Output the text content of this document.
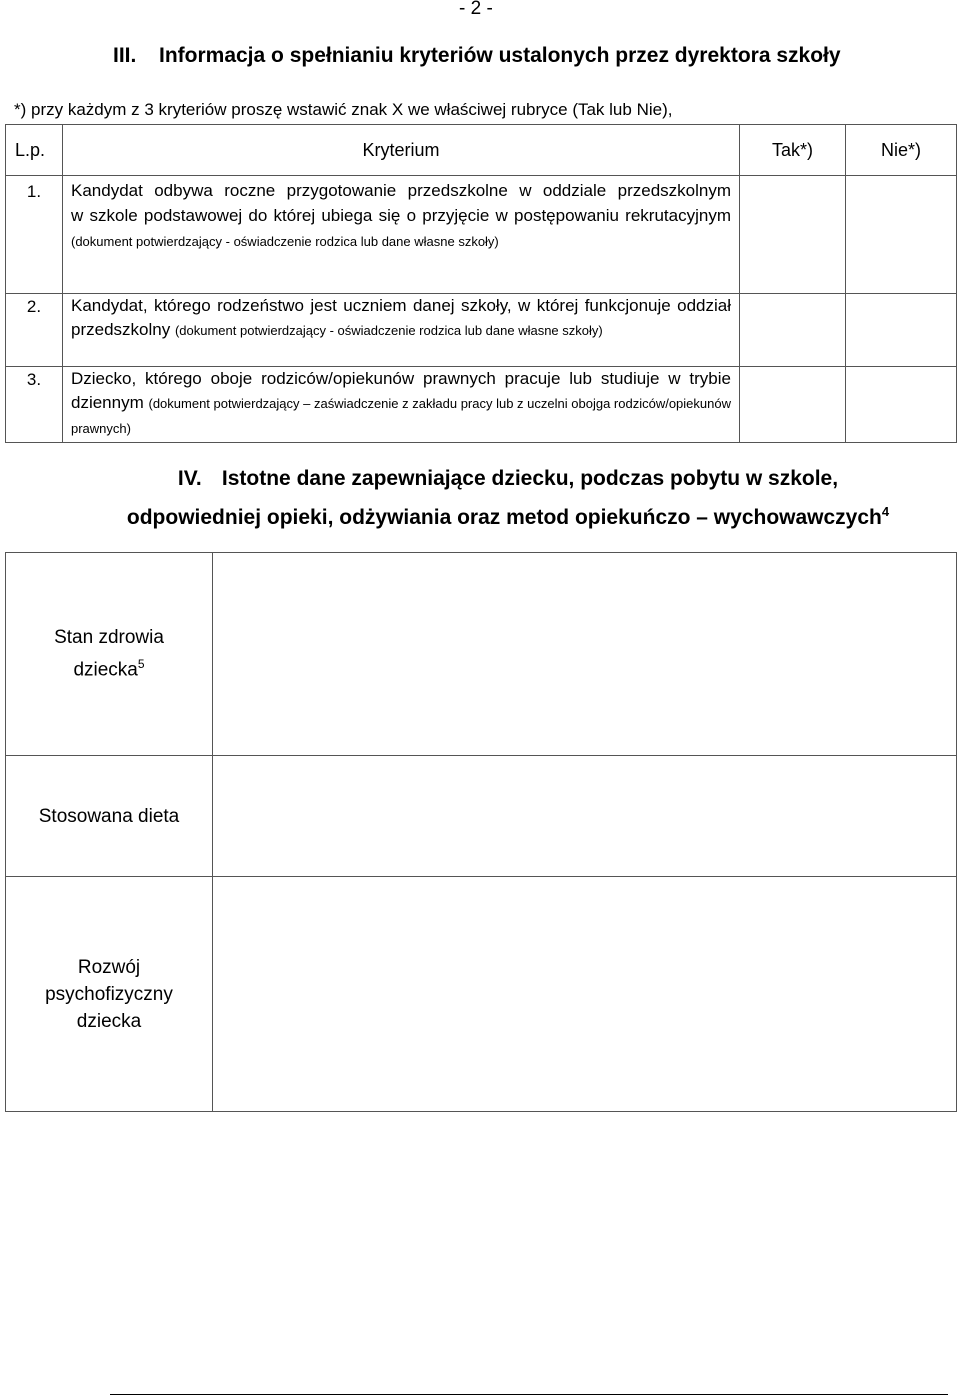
- 2 -
III. Informacja o spełnianiu kryteriów ustalonych przez dyrektora szkoły
*) przy każdym z 3 kryteriów proszę wstawić znak X we właściwej rubryce (Tak lub Nie),
L.p.	Kryterium	Tak*)	Nie*)
1.	Kandydat odbywa roczne przygotowanie przedszkolne w oddziale przedszkolnym                                w szkole podstawowej do której ubiega się o przyjęcie w postępowaniu rekrutacyjnym (dokument potwierdzający - oświadczenie rodzica lub dane własne szkoły)		
2.	Kandydat, którego rodzeństwo jest uczniem danej szkoły, w której funkcjonuje oddział przedszkolny (dokument potwierdzający - oświadczenie rodzica lub dane własne szkoły)		
3.	Dziecko, którego oboje rodziców/opiekunów prawnych pracuje lub studiuje w trybie dziennym (dokument potwierdzający – zaświadczenie z zakładu pracy lub z uczelni obojga rodziców/opiekunów prawnych)		
IV. Istotne dane zapewniające dziecku, podczas pobytu w szkole,
odpowiedniej opieki, odżywiania oraz metod opiekuńczo – wychowawczych$^4$
Stan zdrowia
dziecka$^5$	
Stosowana dieta	
Rozwój
psychofizyczny
dziecka	
